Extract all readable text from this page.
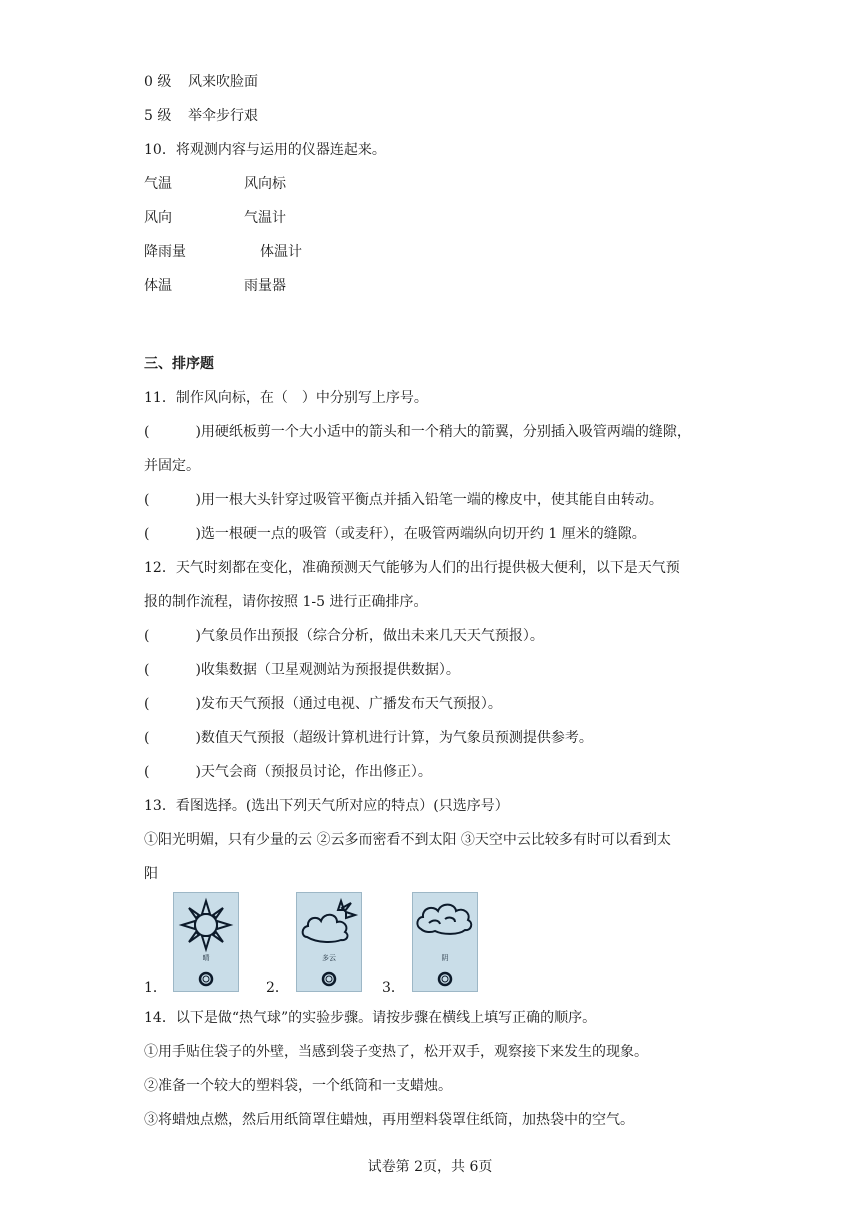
0 级 风来吹脸面
5 级 举伞步行艰
10．将观测内容与运用的仪器连起来。
气温	风向标
风向	气温计
降雨量	体温计
体温	雨量器
三、排序题
11．制作风向标，在（　）中分别写上序号。
(	)用硬纸板剪一个大小适中的箭头和一个稍大的箭翼，分别插入吸管两端的缝隙，
并固定。
(	)用一根大头针穿过吸管平衡点并插入铅笔一端的橡皮中，使其能自由转动。
(	)选一根硬一点的吸管（或麦秆），在吸管两端纵向切开约 1 厘米的缝隙。
12．天气时刻都在变化，准确预测天气能够为人们的出行提供极大便利，以下是天气预
报的制作流程，请你按照 1-5 进行正确排序。
(	)气象员作出预报（综合分析，做出未来几天天气预报）。
(	)收集数据（卫星观测站为预报提供数据）。
(	)发布天气预报（通过电视、广播发布天气预报）。
(	)数值天气预报（超级计算机进行计算，为气象员预测提供参考。
(	)天气会商（预报员讨论，作出修正）。
13．看图选择。(选出下列天气所对应的特点）(只选序号）
①阳光明媚，只有少量的云 ②云多而密看不到太阳 ③天空中云比较多有时可以看到太
阳
1．
晴
2．
多云
3．
阴
14．以下是做“热气球”的实验步骤。请按步骤在横线上填写正确的顺序。
①用手贴住袋子的外壁，当感到袋子变热了，松开双手，观察接下来发生的现象。
②准备一个较大的塑料袋，一个纸筒和一支蜡烛。
③将蜡烛点燃，然后用纸筒罩住蜡烛，再用塑料袋罩住纸筒，加热袋中的空气。
试卷第 2页，共 6页
